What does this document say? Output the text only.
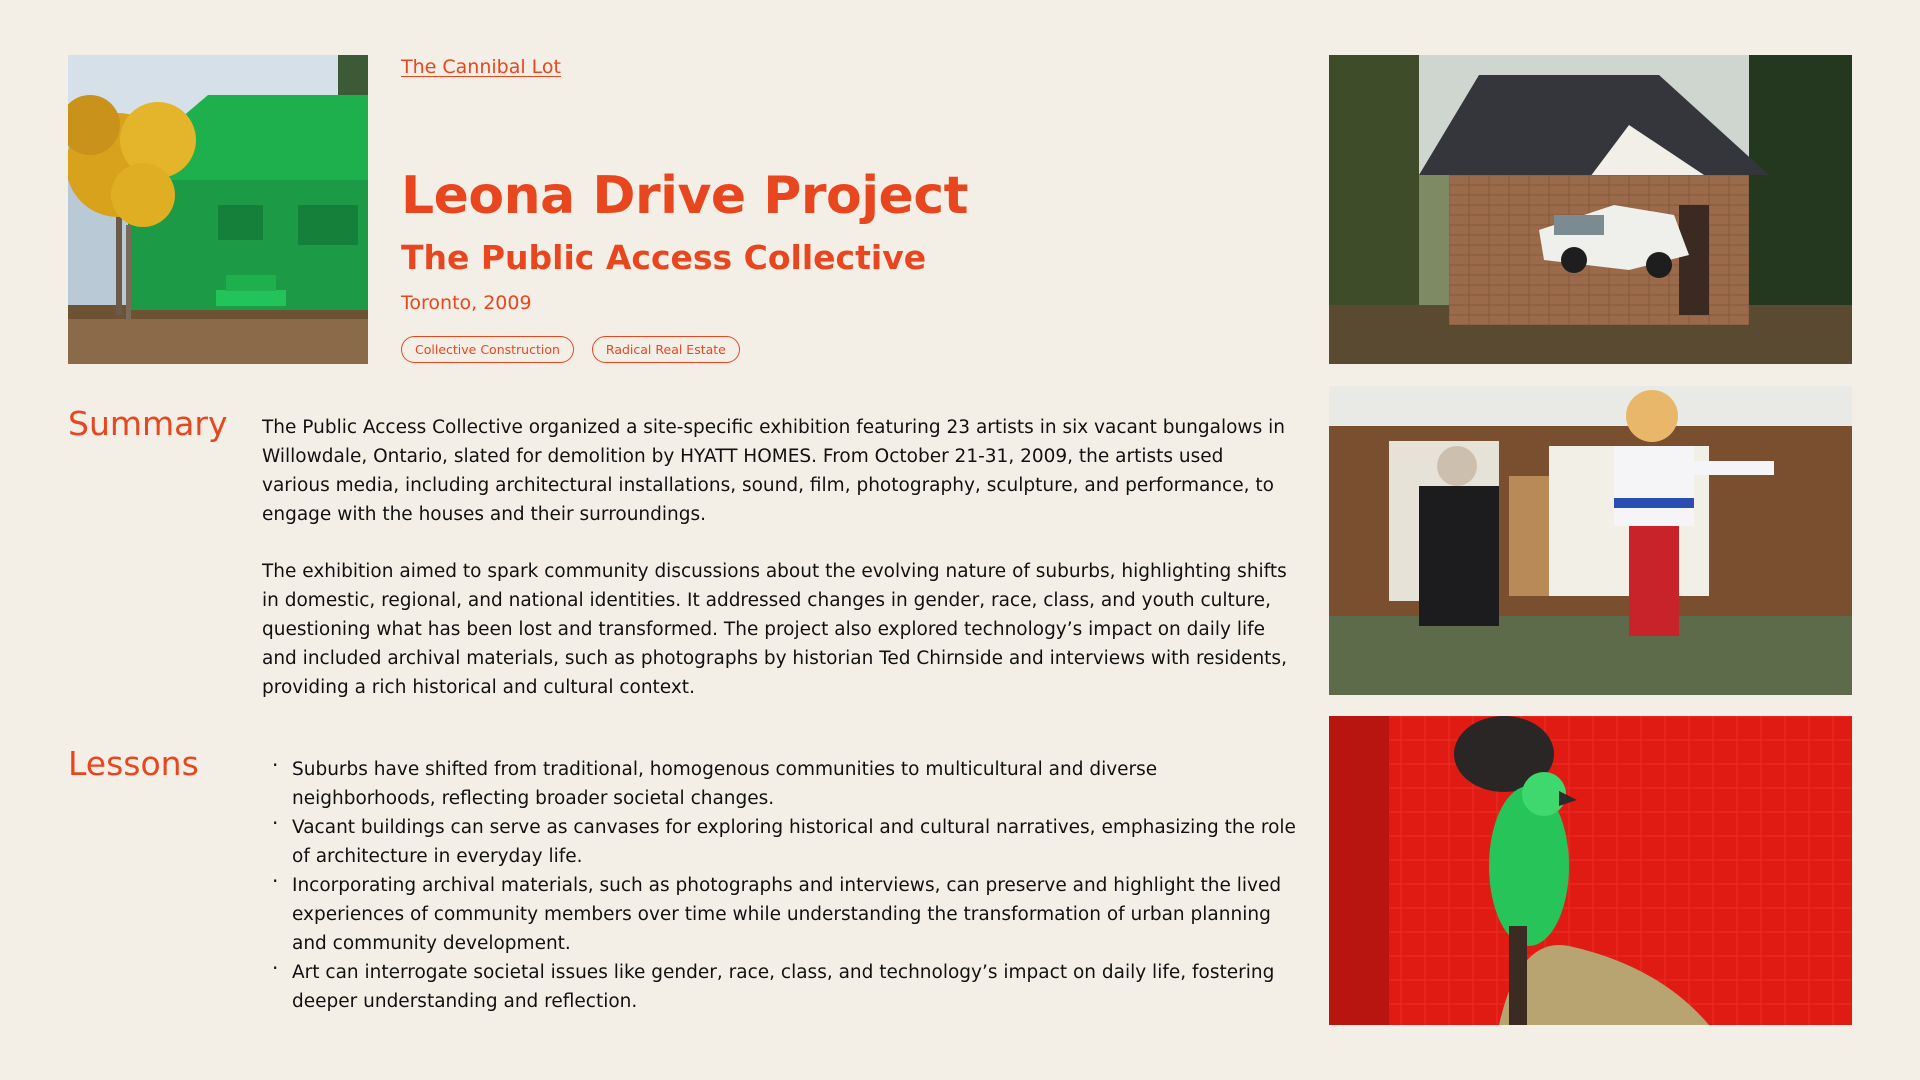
The Cannibal Lot
Leona Drive Project
The Public Access Collective
Toronto, 2009
Collective Construction	Radical Real Estate
Summary The Public Access Collective organized a site-specific exhibition featuring 23 artists in six vacant bungalows in Willowdale, Ontario, slated for demolition by HYATT HOMES. From October 21-31, 2009, the artists used various media, including architectural installations, sound, film, photography, sculpture, and performance, to engage with the houses and their surroundings.

The exhibition aimed to spark community discussions about the evolving nature of suburbs, highlighting shifts in domestic, regional, and national identities. It addressed changes in gender, race, class, and youth culture, questioning what has been lost and transformed. The project also explored technology’s impact on daily life and included archival materials, such as photographs by historian Ted Chirnside and interviews with residents, providing a rich historical and cultural context.

Lessons	· Suburbs have shifted from traditional, homogenous communities to multicultural and diverse neighborhoods, reflecting broader societal changes.
· Vacant buildings can serve as canvases for exploring historical and cultural narratives, emphasizing the role of architecture in everyday life.
· Incorporating archival materials, such as photographs and interviews, can preserve and highlight the lived experiences of community members over time while understanding the transformation of urban planning and community development.
· Art can interrogate societal issues like gender, race, class, and technology’s impact on daily life, fostering deeper understanding and reflection.
